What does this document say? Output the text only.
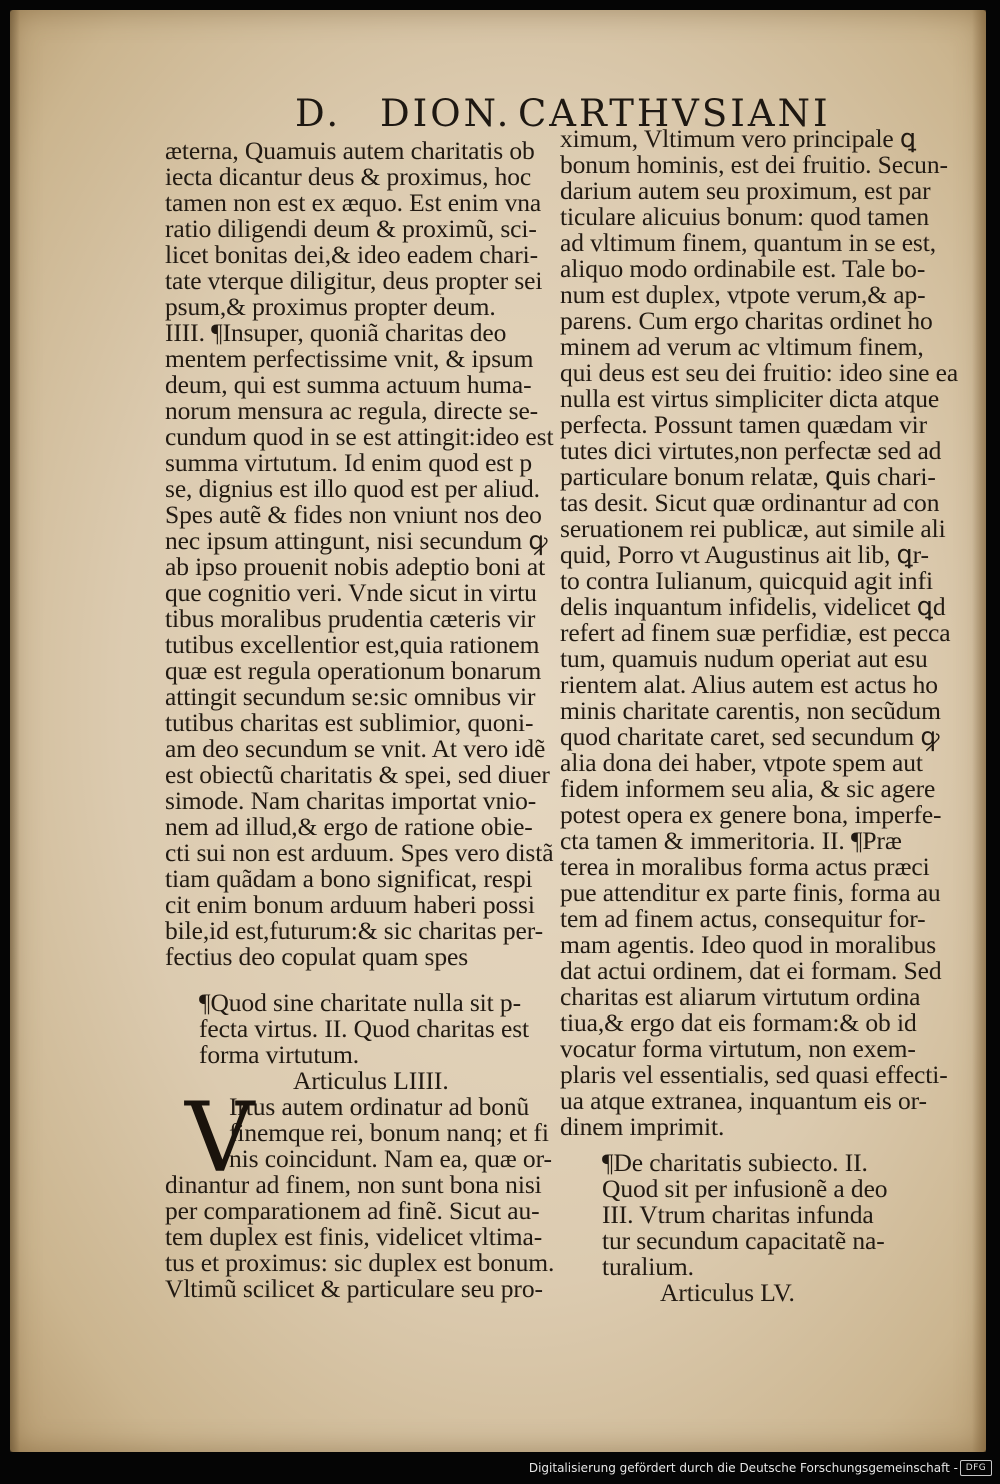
D. DION. CARTHVSIANI
æterna, Quamuis autem charitatis ob
iecta dicantur deus & proximus, hoc
tamen non est ex æquo. Est enim vna
ratio diligendi deum & proximũ, sci-
licet bonitas dei,& ideo eadem chari-
tate vterque diligitur, deus propter sei
psum,& proximus propter deum.
IIII. ¶Insuper, quoniã charitas deo
mentem perfectissime vnit, & ipsum
deum, qui est summa actuum huma-
norum mensura ac regula, directe se-
cundum quod in se est attingit:ideo est
summa virtutum. Id enim quod est p
se, dignius est illo quod est per aliud.
Spes autẽ & fides non vniunt nos deo
nec ipsum attingunt, nisi secundum ꝙ
ab ipso prouenit nobis adeptio boni at
que cognitio veri. Vnde sicut in virtu
tibus moralibus prudentia cæteris vir
tutibus excellentior est,quia rationem
quæ est regula operationum bonarum
attingit secundum se:sic omnibus vir
tutibus charitas est sublimior, quoni-
am deo secundum se vnit. At vero idẽ
est obiectũ charitatis & spei, sed diuer
simode. Nam charitas importat vnio-
nem ad illud,& ergo de ratione obie-
cti sui non est arduum. Spes vero distã
tiam quãdam a bono significat, respi
cit enim bonum arduum haberi possi
bile,id est,futurum:& sic charitas per-
fectius deo copulat quam spes
¶Quod sine charitate nulla sit p-
fecta virtus. II. Quod charitas est
forma virtutum.
Articulus LIIII.
V
Irtus autem ordinatur ad bonũ
finemque rei, bonum nanq; et fi
nis coincidunt. Nam ea, quæ or-
dinantur ad finem, non sunt bona nisi
per comparationem ad finẽ. Sicut au-
tem duplex est finis, videlicet vltima-
tus et proximus: sic duplex est bonum.
Vltimũ scilicet & particulare seu pro-
ximum, Vltimum vero principale ꝗ
bonum hominis, est dei fruitio. Secun-
darium autem seu proximum, est par
ticulare alicuius bonum: quod tamen
ad vltimum finem, quantum in se est,
aliquo modo ordinabile est. Tale bo-
num est duplex, vtpote verum,& ap-
parens. Cum ergo charitas ordinet ho
minem ad verum ac vltimum finem,
qui deus est seu dei fruitio: ideo sine ea
nulla est virtus simpliciter dicta atque
perfecta. Possunt tamen quædam vir
tutes dici virtutes,non perfectæ sed ad
particulare bonum relatæ, ꝗuis chari-
tas desit. Sicut quæ ordinantur ad con
seruationem rei publicæ, aut simile ali
quid, Porro vt Augustinus ait lib, ꝗr-
to contra Iulianum, quicquid agit infi
delis inquantum infidelis, videlicet ꝗd
refert ad finem suæ perfidiæ, est pecca
tum, quamuis nudum operiat aut esu
rientem alat. Alius autem est actus ho
minis charitate carentis, non secũdum
quod charitate caret, sed secundum ꝙ
alia dona dei haber, vtpote spem aut
fidem informem seu alia, & sic agere
potest opera ex genere bona, imperfe-
cta tamen & immeritoria. II. ¶Præ
terea in moralibus forma actus præci
pue attenditur ex parte finis, forma au
tem ad finem actus, consequitur for-
mam agentis. Ideo quod in moralibus
dat actui ordinem, dat ei formam. Sed
charitas est aliarum virtutum ordina
tiua,& ergo dat eis formam:& ob id
vocatur forma virtutum, non exem-
plaris vel essentialis, sed quasi effecti-
ua atque extranea, inquantum eis or-
dinem imprimit.
¶De charitatis subiecto. II.
Quod sit per infusionẽ a deo
III. Vtrum charitas infunda
tur secundum capacitatẽ na-
turalium.
Articulus LV.
Digitalisierung gefördert durch die Deutsche Forschungsgemeinschaft - DFG
